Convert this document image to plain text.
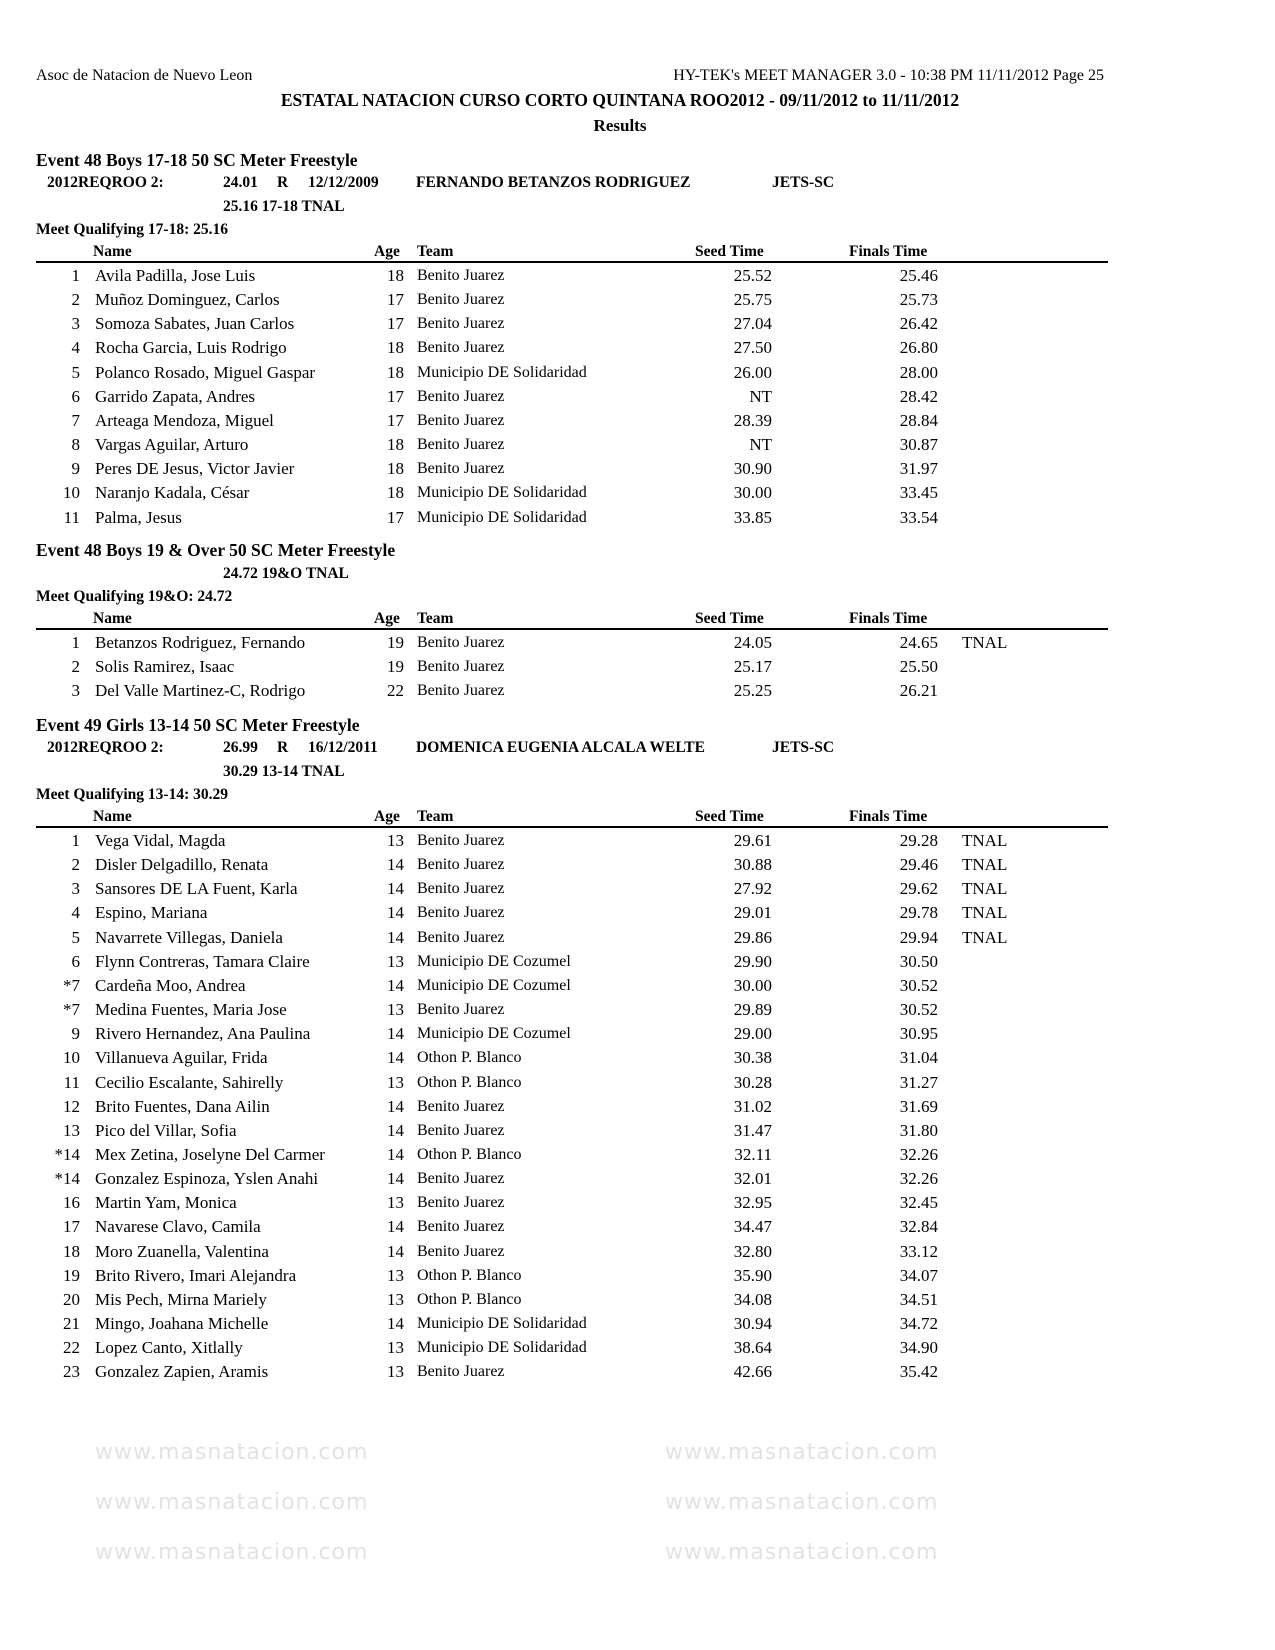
Asoc de Natacion de Nuevo Leon	HY-TEK's MEET MANAGER 3.0 - 10:38 PM 11/11/2012 Page 25
ESTATAL NATACION CURSO CORTO QUINTANA ROO2012 - 09/11/2012 to 11/11/2012
Results
www.masnatacion.com	www.masnatacion.com
www.masnatacion.com	www.masnatacion.com
www.masnatacion.com	www.masnatacion.com
Event 48 Boys 17-18 50 SC Meter Freestyle
2012REQROO 2:	24.01 R 12/12/2009 FERNANDO BETANZOS RODRIGUEZ	JETS-SC
25.16 17-18 TNAL
Meet Qualifying 17-18: 25.16
Name	Age Team	Seed Time	Finals Time
1 Avila Padilla, Jose Luis	18 Benito Juarez	25.52	25.46
2 Muñoz Dominguez, Carlos	17 Benito Juarez	25.75	25.73
3 Somoza Sabates, Juan Carlos	17 Benito Juarez	27.04	26.42
4 Rocha Garcia, Luis Rodrigo	18 Benito Juarez	27.50	26.80
5 Polanco Rosado, Miguel Gaspar	18 Municipio DE Solidaridad	26.00	28.00
6 Garrido Zapata, Andres	17 Benito Juarez	NT	28.42
7 Arteaga Mendoza, Miguel	17 Benito Juarez	28.39	28.84
8 Vargas Aguilar, Arturo	18 Benito Juarez	NT	30.87
9 Peres DE Jesus, Victor Javier	18 Benito Juarez	30.90	31.97
10 Naranjo Kadala, César	18 Municipio DE Solidaridad	30.00	33.45
11 Palma, Jesus	17 Municipio DE Solidaridad	33.85	33.54
Event 48 Boys 19 & Over 50 SC Meter Freestyle
24.72 19&O TNAL
Meet Qualifying 19&O: 24.72
Name	Age Team	Seed Time	Finals Time
1 Betanzos Rodriguez, Fernando	19 Benito Juarez	24.05	24.65 TNAL
2 Solis Ramirez, Isaac	19 Benito Juarez	25.17	25.50
3 Del Valle Martinez-C, Rodrigo	22 Benito Juarez	25.25	26.21
Event 49 Girls 13-14 50 SC Meter Freestyle
2012REQROO 2:	26.99 R 16/12/2011 DOMENICA EUGENIA ALCALA WELTE	JETS-SC
30.29 13-14 TNAL
Meet Qualifying 13-14: 30.29
Name	Age Team	Seed Time	Finals Time
1 Vega Vidal, Magda	13 Benito Juarez	29.61	29.28 TNAL
2 Disler Delgadillo, Renata	14 Benito Juarez	30.88	29.46 TNAL
3 Sansores DE LA Fuent, Karla	14 Benito Juarez	27.92	29.62 TNAL
4 Espino, Mariana	14 Benito Juarez	29.01	29.78 TNAL
5 Navarrete Villegas, Daniela	14 Benito Juarez	29.86	29.94 TNAL
6 Flynn Contreras, Tamara Claire	13 Municipio DE Cozumel	29.90	30.50
*7 Cardeña Moo, Andrea	14 Municipio DE Cozumel	30.00	30.52
*7 Medina Fuentes, Maria Jose	13 Benito Juarez	29.89	30.52
9 Rivero Hernandez, Ana Paulina	14 Municipio DE Cozumel	29.00	30.95
10 Villanueva Aguilar, Frida	14 Othon P. Blanco	30.38	31.04
11 Cecilio Escalante, Sahirelly	13 Othon P. Blanco	30.28	31.27
12 Brito Fuentes, Dana Ailin	14 Benito Juarez	31.02	31.69
13 Pico del Villar, Sofia	14 Benito Juarez	31.47	31.80
*14 Mex Zetina, Joselyne Del Carmer	14 Othon P. Blanco	32.11	32.26
*14 Gonzalez Espinoza, Yslen Anahi	14 Benito Juarez	32.01	32.26
16 Martin Yam, Monica	13 Benito Juarez	32.95	32.45
17 Navarese Clavo, Camila	14 Benito Juarez	34.47	32.84
18 Moro Zuanella, Valentina	14 Benito Juarez	32.80	33.12
19 Brito Rivero, Imari Alejandra	13 Othon P. Blanco	35.90	34.07
20 Mis Pech, Mirna Mariely	13 Othon P. Blanco	34.08	34.51
21 Mingo, Joahana Michelle	14 Municipio DE Solidaridad	30.94	34.72
22 Lopez Canto, Xitlally	13 Municipio DE Solidaridad	38.64	34.90
23 Gonzalez Zapien, Aramis	13 Benito Juarez	42.66	35.42
